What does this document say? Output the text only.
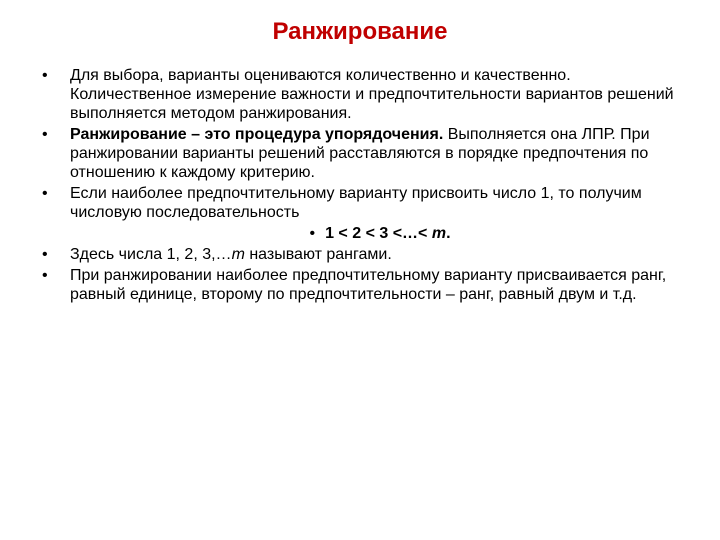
Ранжирование
• Для выбора, варианты оцениваются количественно и качественно. Количественное измерение важности и предпочтительности вариантов решений выполняется методом ранжирования.
• Ранжирование – это процедура упорядочения. Выполняется она ЛПР. При ранжировании варианты решений расставляются в порядке предпочтения по отношению к каждому критерию.
• Если наиболее предпочтительному варианту присвоить число 1, то получим числовую последовательность
• 1 < 2 < 3 <…< m.
• Здесь числа 1, 2, 3,…m называют рангами.
• При ранжировании наиболее предпочтительному варианту присваивается ранг, равный единице, второму по предпочтительности – ранг, равный двум и т.д.
